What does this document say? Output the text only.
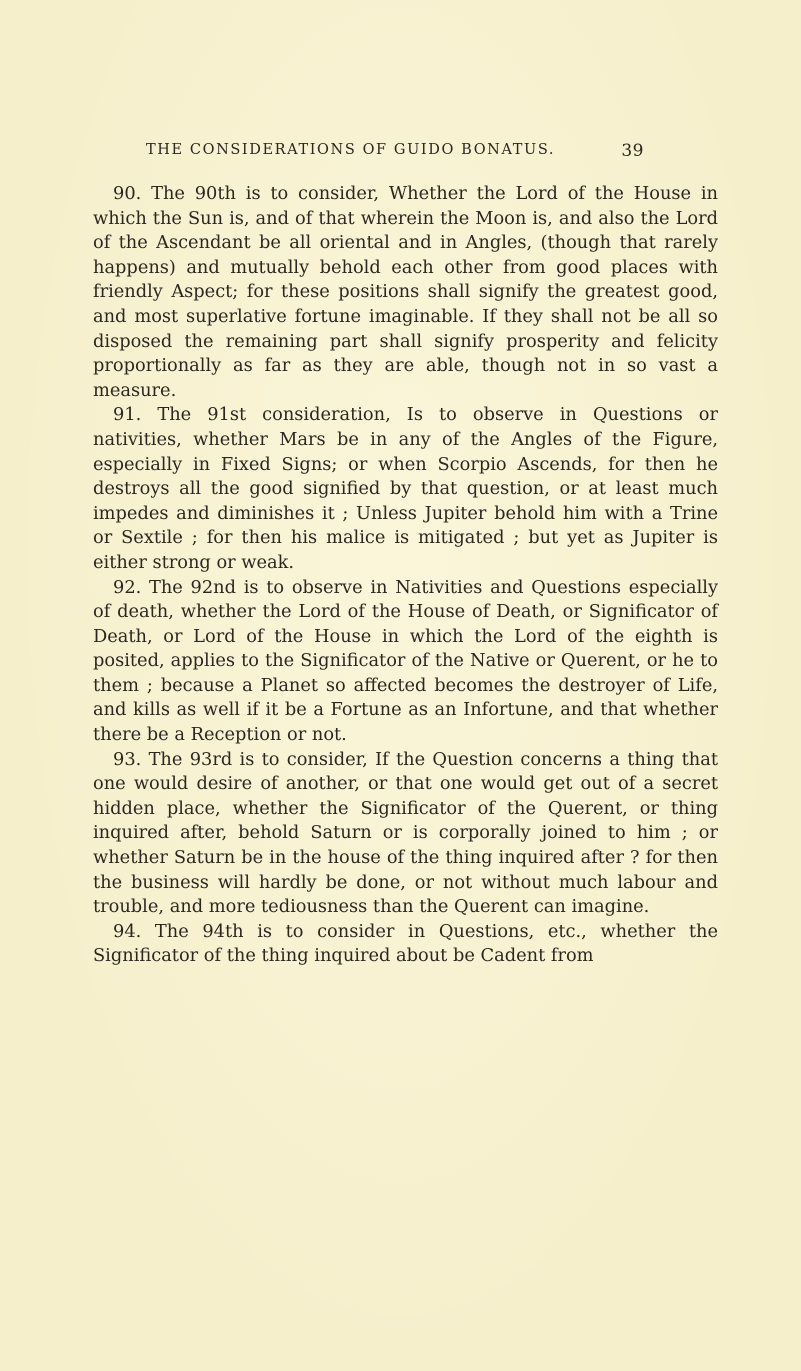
THE CONSIDERATIONS OF GUIDO BONATUS.	39

90. The 90th is to consider, Whether the Lord of the House in which the Sun is, and of that wherein the Moon is, and also the Lord of the Ascendant be all oriental and in Angles, (though that rarely happens) and mutually behold each other from good places with friendly Aspect; for these positions shall signify the greatest good, and most superlative fortune imaginable. If they shall not be all so disposed the remaining part shall signify prosperity and felicity proportionally as far as they are able, though not in so vast a measure.

91. The 91st consideration, Is to observe in Questions or nativities, whether Mars be in any of the Angles of the Figure, especially in Fixed Signs; or when Scorpio Ascends, for then he destroys all the good signified by that question, or at least much impedes and diminishes it ; Unless Jupiter behold him with a Trine or Sextile ; for then his malice is mitigated ; but yet as Jupiter is either strong or weak.

92. The 92nd is to observe in Nativities and Questions especially of death, whether the Lord of the House of Death, or Significator of Death, or Lord of the House in which the Lord of the eighth is posited, applies to the Significator of the Native or Querent, or he to them ; because a Planet so affected becomes the destroyer of Life, and kills as well if it be a Fortune as an Infortune, and that whether there be a Reception or not.

93. The 93rd is to consider, If the Question concerns a thing that one would desire of another, or that one would get out of a secret hidden place, whether the Significator of the Querent, or thing inquired after, behold Saturn or is corporally joined to him ; or whether Saturn be in the house of the thing inquired after ? for then the business will hardly be done, or not without much labour and trouble, and more tediousness than the Querent can imagine.

94. The 94th is to consider in Questions, etc., whether the Significator of the thing inquired about be Cadent from
